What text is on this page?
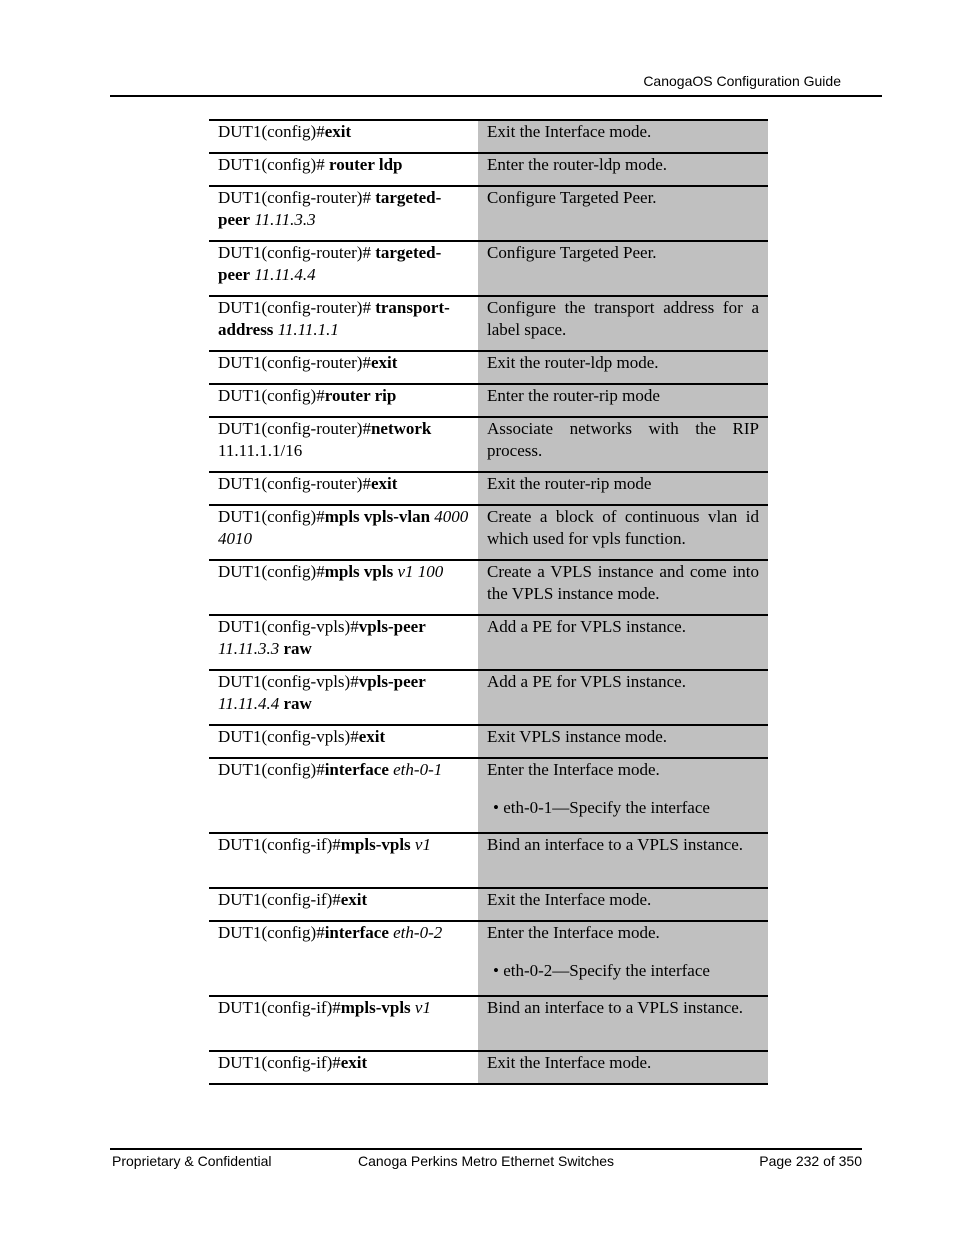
CanogaOS Configuration Guide
DUT1(config)#exit	Exit the Interface mode.
DUT1(config)# router ldp	Enter the router-ldp mode.
DUT1(config-router)# targeted-peer 11.11.3.3	Configure Targeted Peer.
DUT1(config-router)# targeted-peer 11.11.4.4	Configure Targeted Peer.
DUT1(config-router)# transport-address 11.11.1.1	Configure the transport address for a label space.
DUT1(config-router)#exit	Exit the router-ldp mode.
DUT1(config)#router rip	Enter the router-rip mode
DUT1(config-router)#network 11.11.1.1/16	Associate networks with the RIP process.
DUT1(config-router)#exit	Exit the router-rip mode
DUT1(config)#mpls vpls-vlan 4000 4010	Create a block of continuous vlan id which used for vpls function.
DUT1(config)#mpls vpls v1 100	Create a VPLS instance and come into the VPLS instance mode.
DUT1(config-vpls)#vpls-peer 11.11.3.3 raw	Add a PE for VPLS instance.
DUT1(config-vpls)#vpls-peer 11.11.4.4 raw	Add a PE for VPLS instance.
DUT1(config-vpls)#exit	Exit VPLS instance mode.
DUT1(config)#interface eth-0-1	Enter the Interface mode.
• eth-0-1—Specify the interface

DUT1(config-if)#mpls-vpls v1	Bind an interface to a VPLS instance.
DUT1(config-if)#exit	Exit the Interface mode.
DUT1(config)#interface eth-0-2	Enter the Interface mode.
• eth-0-2—Specify the interface

DUT1(config-if)#mpls-vpls v1	Bind an interface to a VPLS instance.
DUT1(config-if)#exit	Exit the Interface mode.
Proprietary & Confidential	Canoga Perkins Metro Ethernet Switches	Page 232 of 350
